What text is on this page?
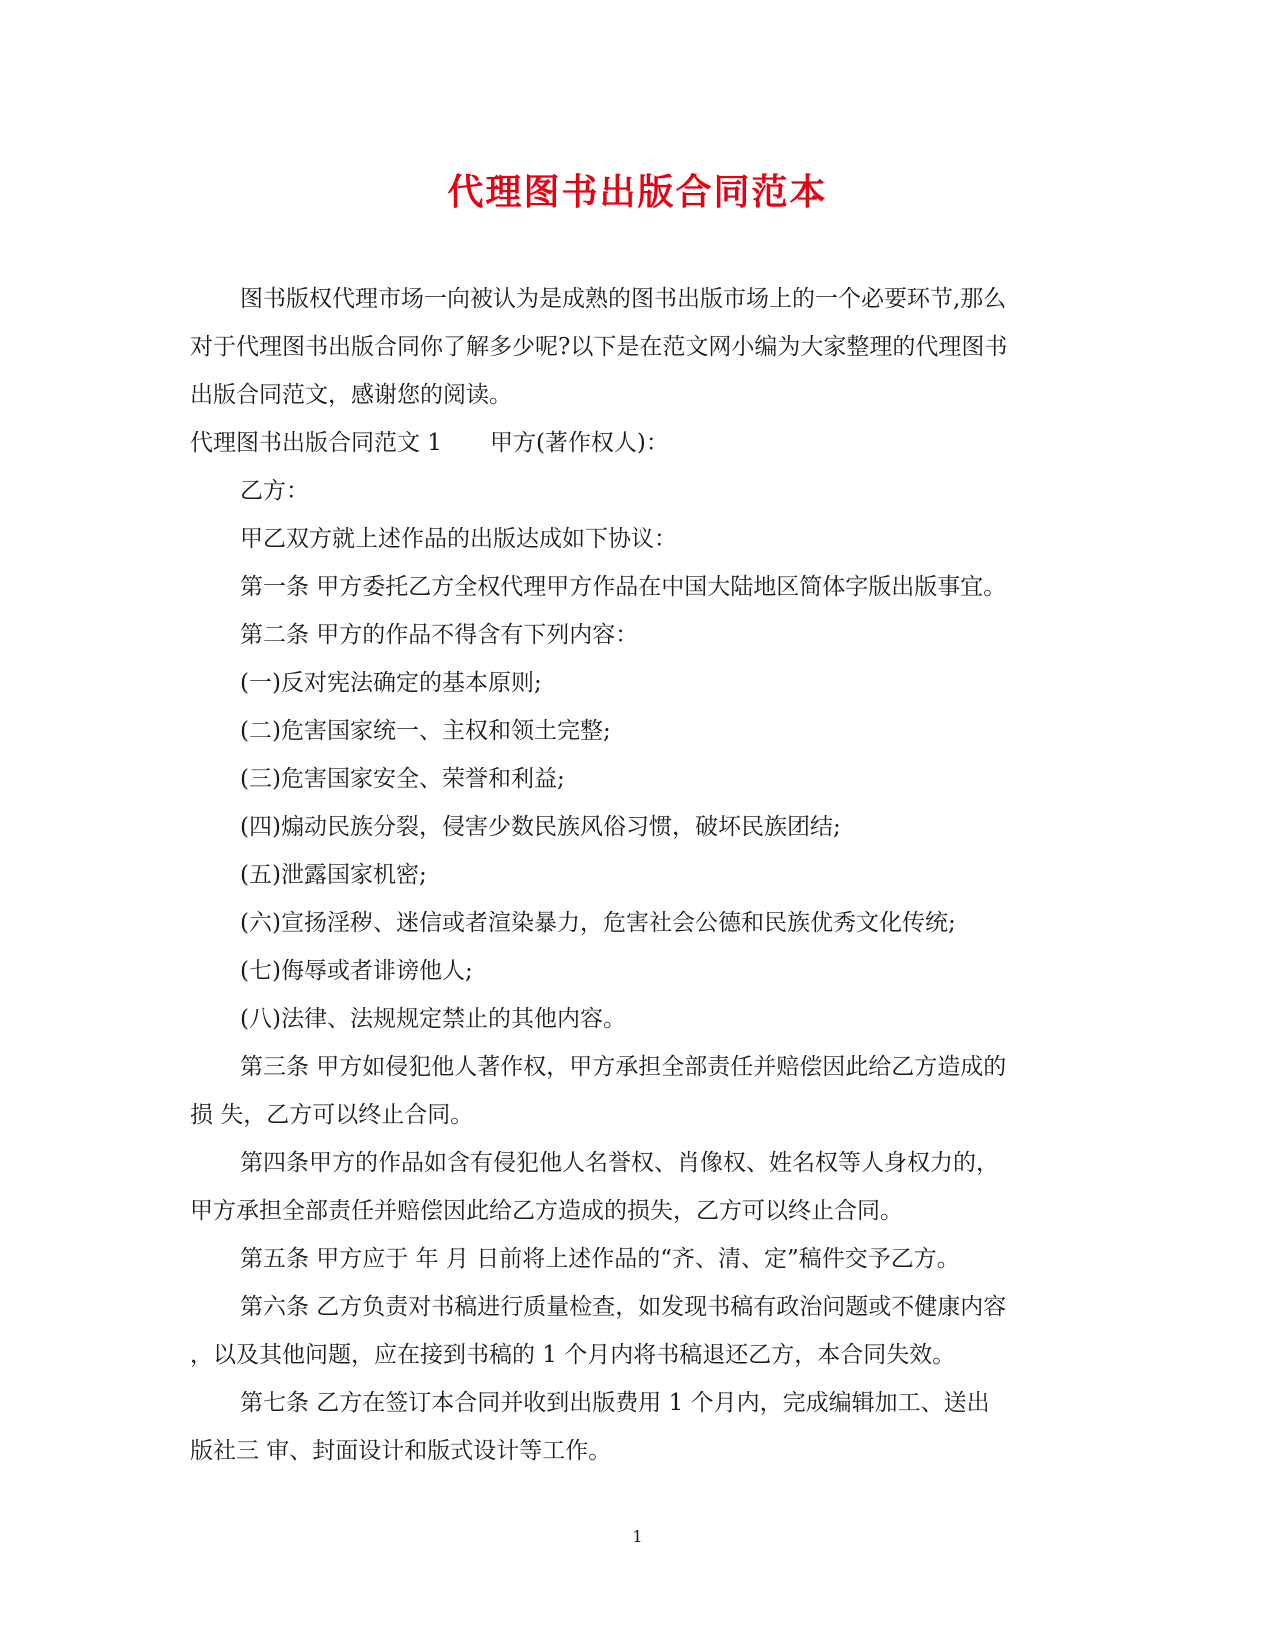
代理图书出版合同范本

图书版权代理市场一向被认为是成熟的图书出版市场上的一个必要环节,那么

对于代理图书出版合同你了解多少呢?以下是在范文网小编为大家整理的代理图书

出版合同范文，感谢您的阅读。

代理图书出版合同范文 1 甲方(著作权人)：

乙方：

甲乙双方就上述作品的出版达成如下协议：

第一条 甲方委托乙方全权代理甲方作品在中国大陆地区简体字版出版事宜。

第二条 甲方的作品不得含有下列内容：

(一)反对宪法确定的基本原则;

(二)危害国家统一、主权和领土完整;

(三)危害国家安全、荣誉和利益;

(四)煽动民族分裂，侵害少数民族风俗习惯，破坏民族团结;

(五)泄露国家机密;

(六)宣扬淫秽、迷信或者渲染暴力，危害社会公德和民族优秀文化传统;

(七)侮辱或者诽谤他人;

(八)法律、法规规定禁止的其他内容。

第三条 甲方如侵犯他人著作权，甲方承担全部责任并赔偿因此给乙方造成的

损 失，乙方可以终止合同。

第四条甲方的作品如含有侵犯他人名誉权、肖像权、姓名权等人身权力的，

甲方承担全部责任并赔偿因此给乙方造成的损失，乙方可以终止合同。

第五条 甲方应于 年 月 日前将上述作品的“齐、清、定”稿件交予乙方。

第六条 乙方负责对书稿进行质量检查，如发现书稿有政治问题或不健康内容

，以及其他问题，应在接到书稿的 1 个月内将书稿退还乙方，本合同失效。

第七条 乙方在签订本合同并收到出版费用 1 个月内，完成编辑加工、送出

版社三 审、封面设计和版式设计等工作。

1
